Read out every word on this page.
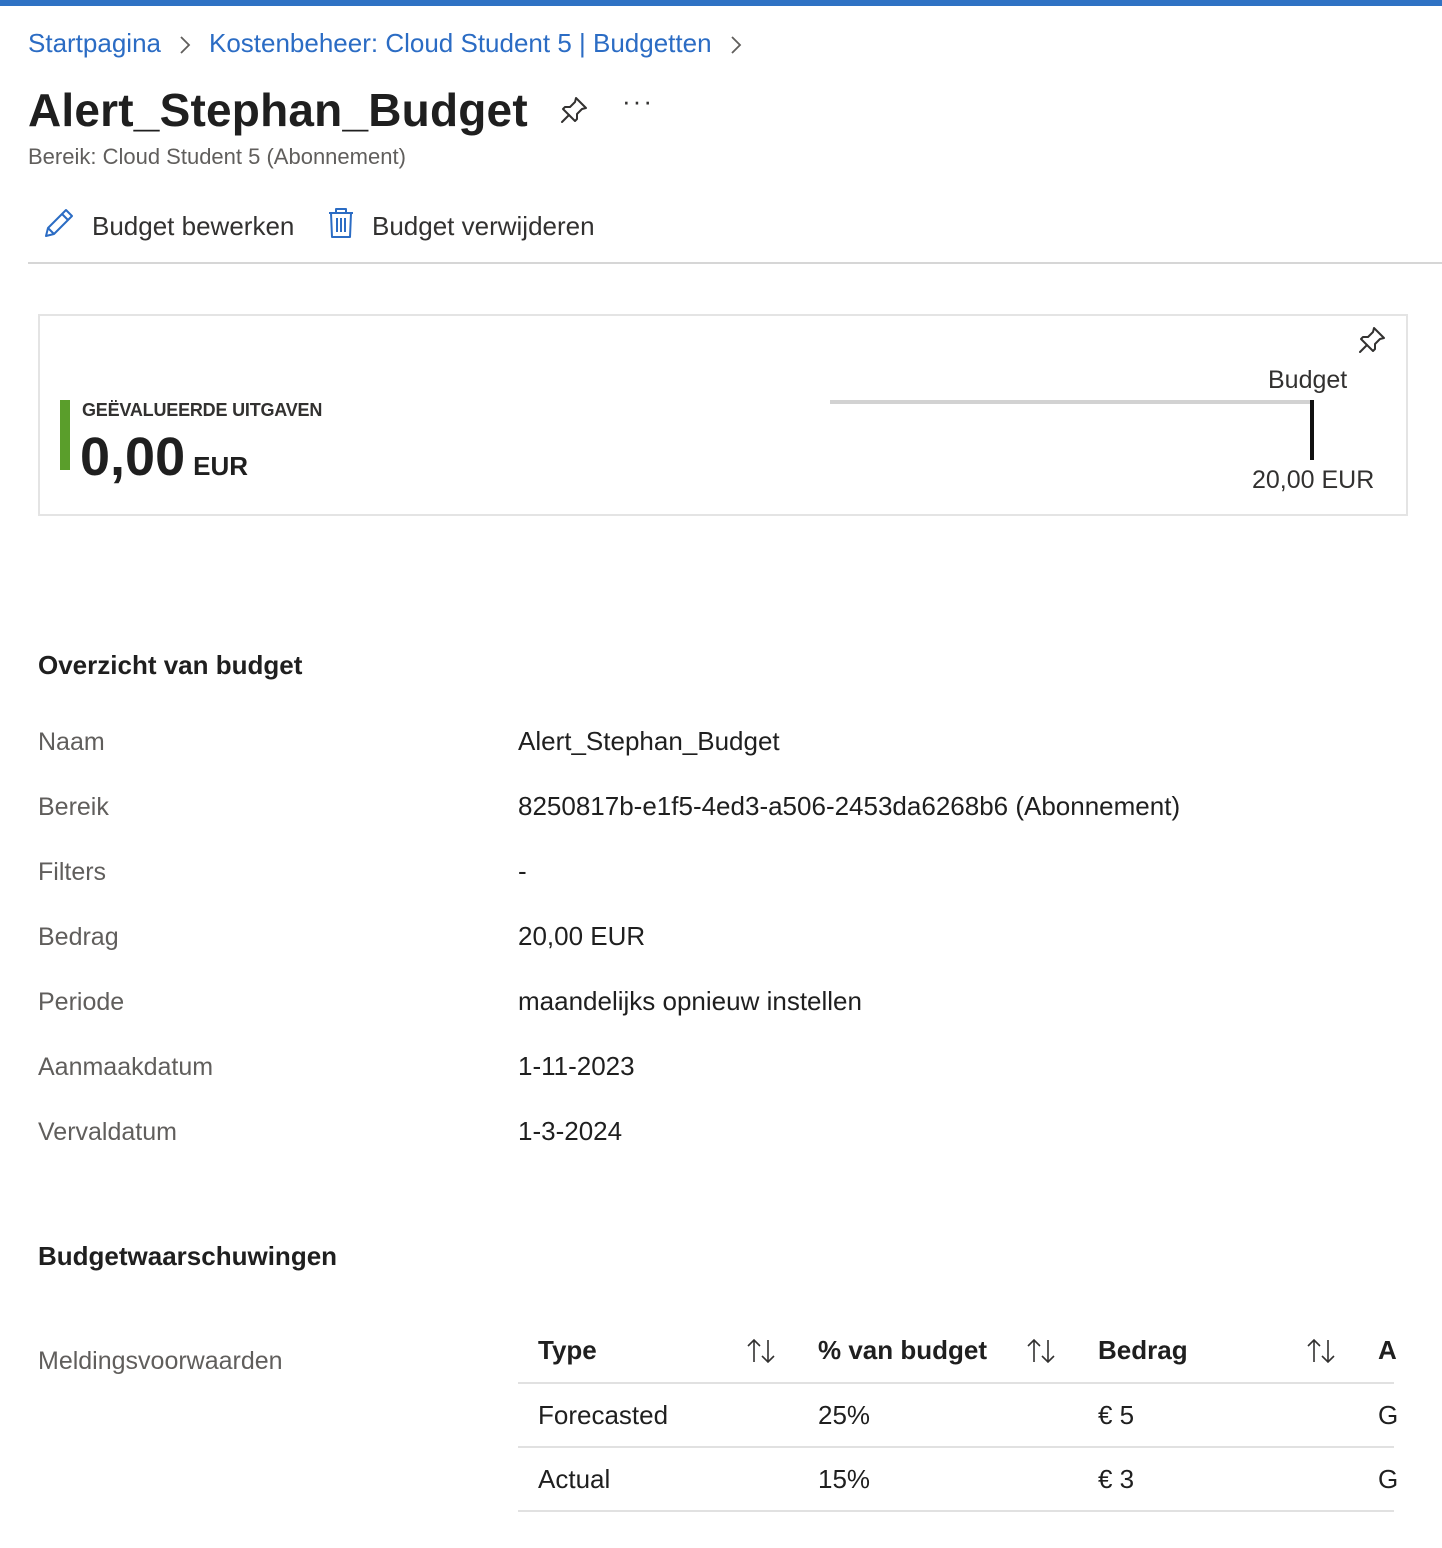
Startpagina Kostenbeheer: Cloud Student 5 | Budgetten
Alert_Stephan_Budget	···
Bereik: Cloud Student 5 (Abonnement)
Budget bewerken	Budget verwijderen
GEËVALUEERDE UITGAVEN
0,00 EUR
Budget
20,00 EUR
Overzicht van budget
Naam	Alert_Stephan_Budget
Bereik	8250817b-e1f5-4ed3-a506-2453da6268b6 (Abonnement)
Filters	-
Bedrag	20,00 EUR
Periode	maandelijks opnieuw instellen
Aanmaakdatum	1-11-2023
Vervaldatum	1-3-2024
Budgetwaarschuwingen
Meldingsvoorwaarden	Type	% van budget	Bedrag	A
Forecasted	25%	€ 5	G
Actual	15%	€ 3	G
